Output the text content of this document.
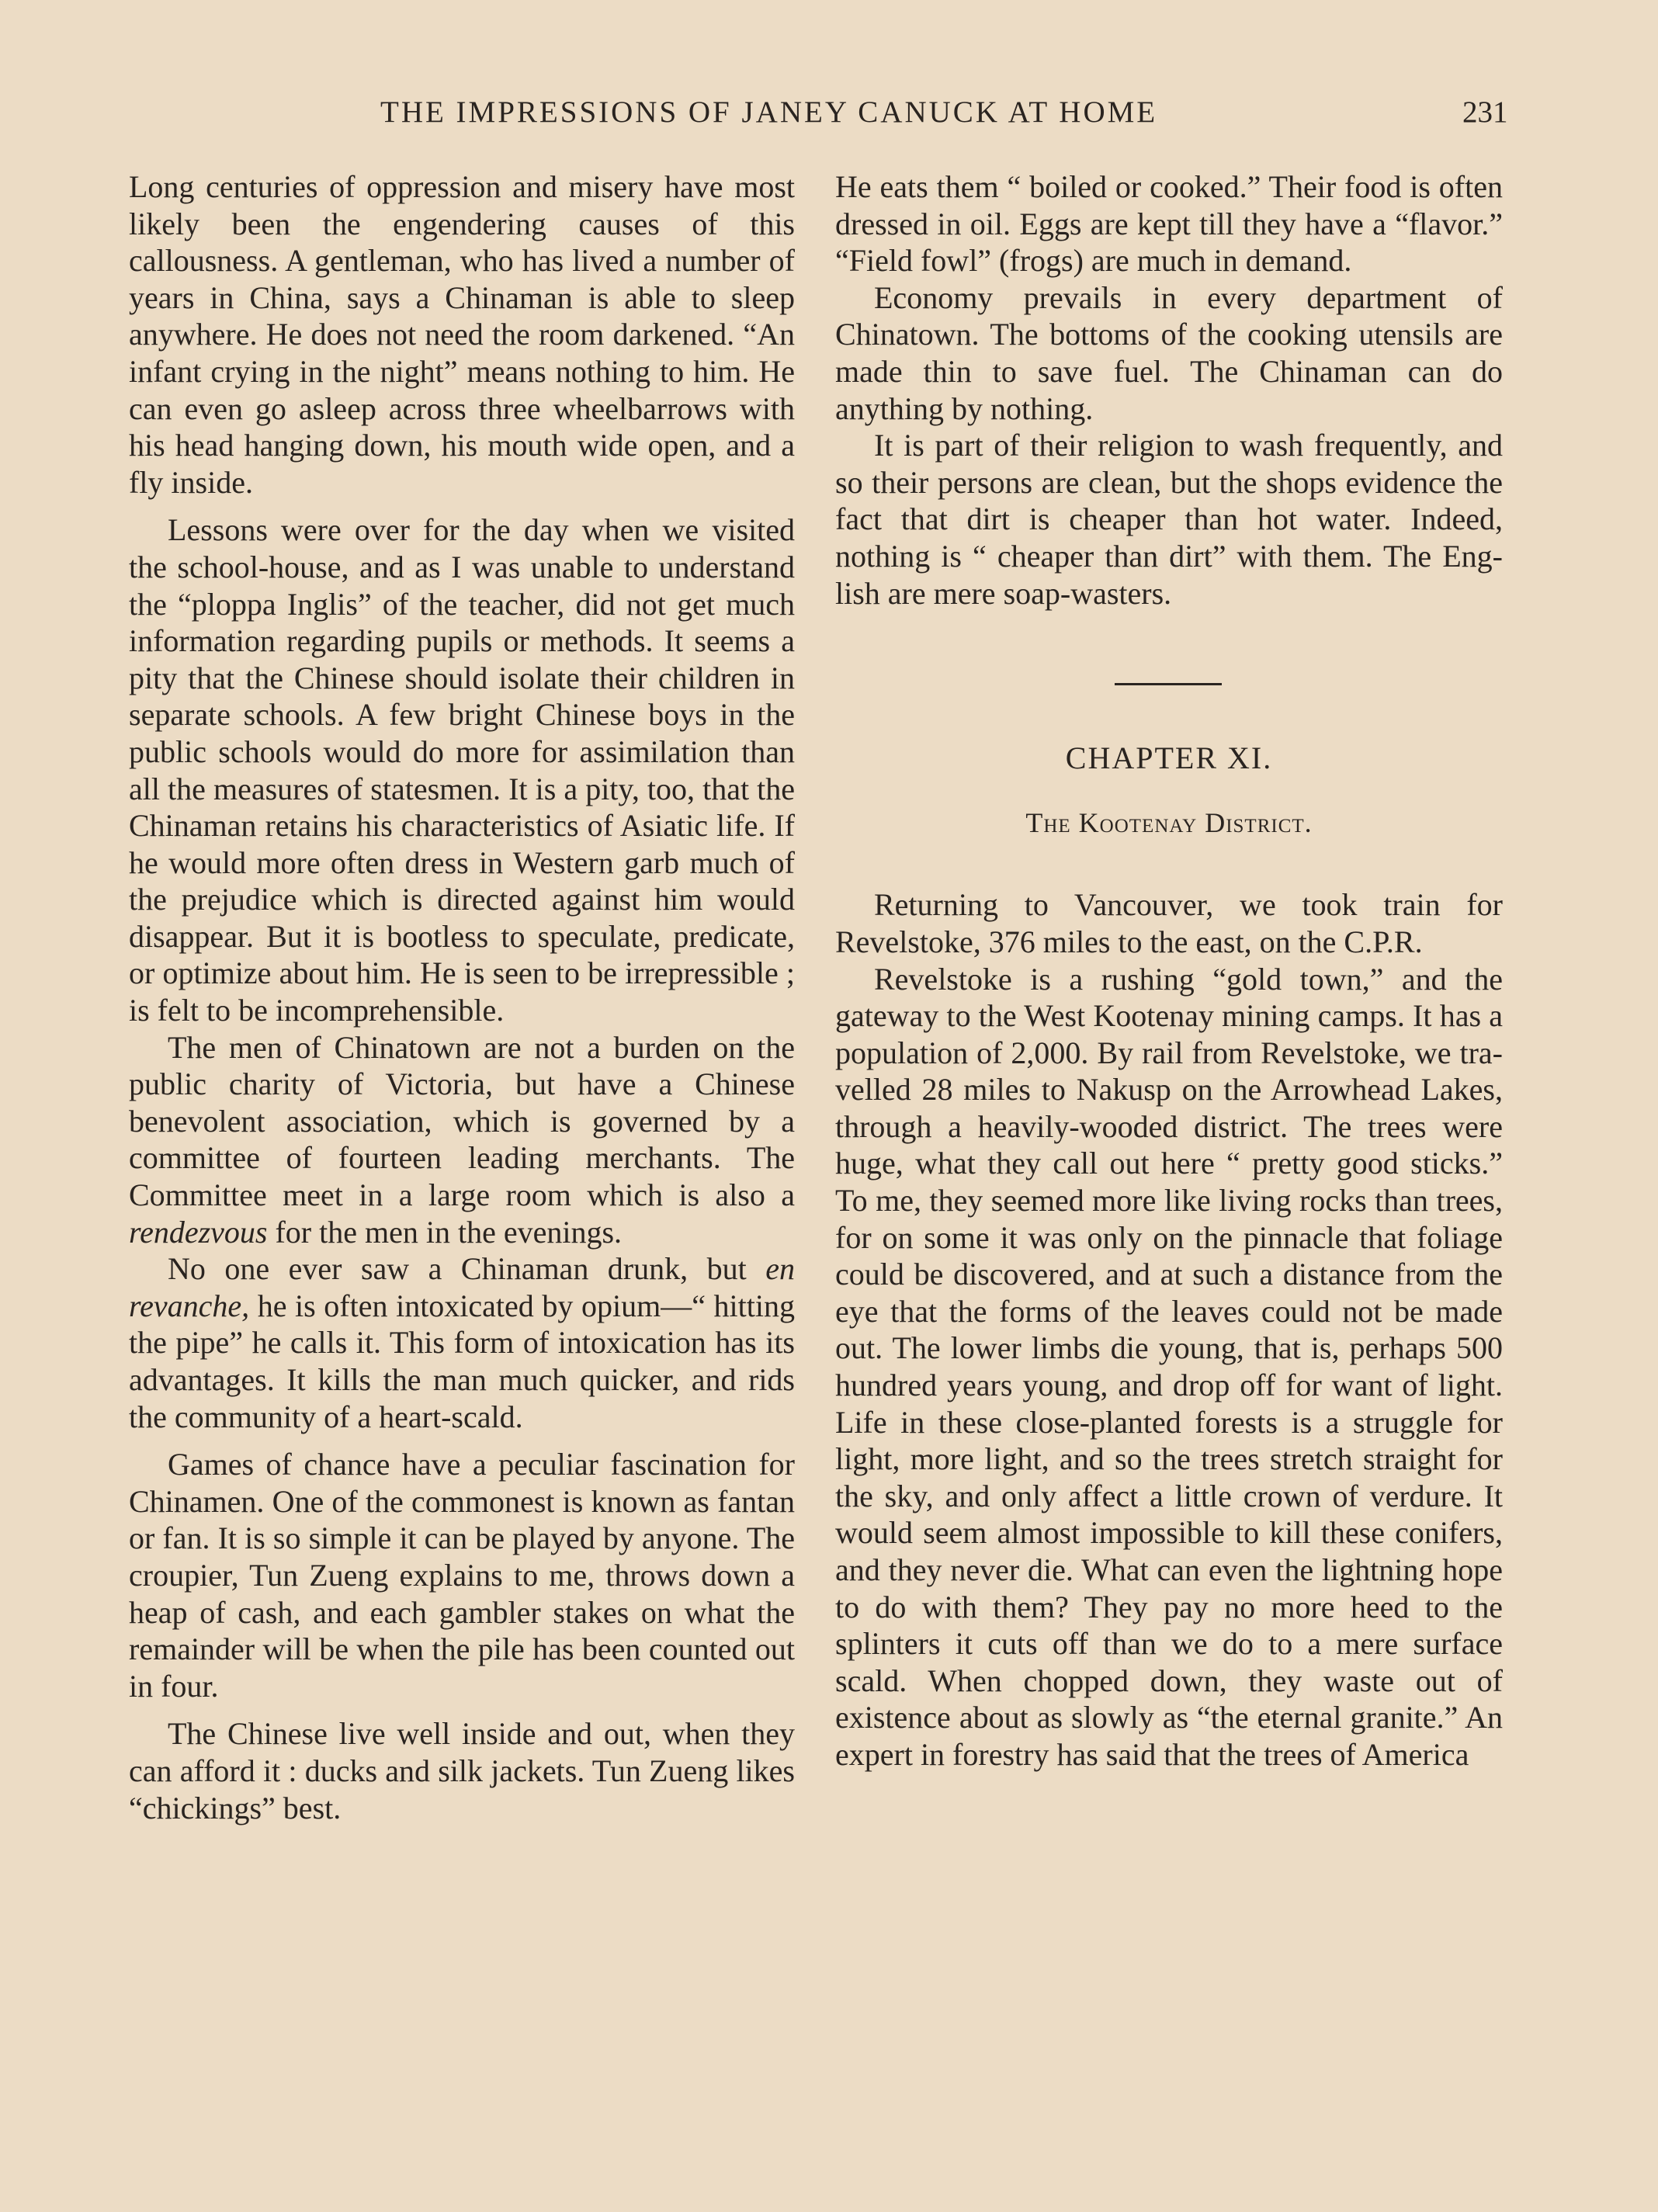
THE IMPRESSIONS OF JANEY CANUCK AT HOME	231

Long centuries of oppression and misery have most likely been the engendering causes of this callousness. A gentleman, who has lived a number of years in China, says a Chinaman is able to sleep anywhere. He does not need the room darkened. “An infant crying in the night” means nothing to him. He can even go asleep across three wheelbarrows with his head hanging down, his mouth wide open, and a fly inside.

Lessons were over for the day when we visited the school-house, and as I was unable to understand the “ploppa Inglis” of the teacher, did not get much information regarding pupils or methods. It seems a pity that the Chinese should isolate their children in separate schools. A few bright Chinese boys in the public schools would do more for assimilation than all the measures of statesmen. It is a pity, too, that the Chinaman retains his characteristics of Asiatic life. If he would more often dress in Western garb much of the prejudice which is directed against him would disappear. But it is bootless to speculate, predicate, or optimize about him. He is seen to be irrepressible ; is felt to be incomprehensible.

The men of Chinatown are not a burden on the public charity of Victoria, but have a Chinese benevolent association, which is governed by a committee of fourteen leading merchants. The Committee meet in a large room which is also a rendezvous for the men in the evenings.

No one ever saw a Chinaman drunk, but en revanche, he is often intoxicated by opium—“ hitting the pipe” he calls it. This form of intoxication has its advantages. It kills the man much quicker, and rids the community of a heart-scald.

Games of chance have a peculiar fascination for Chinamen. One of the commonest is known as fantan or fan. It is so simple it can be played by anyone. The croupier, Tun Zueng explains to me, throws down a heap of cash, and each gambler stakes on what the remainder will be when the pile has been counted out in four.

The Chinese live well inside and out, when they can afford it : ducks and silk jackets. Tun Zueng likes “chickings” best.

He eats them “ boiled or cooked.” Their food is often dressed in oil. Eggs are kept till they have a “flavor.” “Field fowl” (frogs) are much in demand.

Economy prevails in every department of Chinatown. The bottoms of the cooking utensils are made thin to save fuel. The Chinaman can do anything by nothing.

It is part of their religion to wash frequently, and so their persons are clean, but the shops evidence the fact that dirt is cheaper than hot water. Indeed, nothing is “ cheaper than dirt” with them. The English are mere soap-wasters.

CHAPTER XI.

The Kootenay District.

Returning to Vancouver, we took train for Revelstoke, 376 miles to the east, on the C.P.R.

Revelstoke is a rushing “gold town,” and the gateway to the West Kootenay mining camps. It has a population of 2,000. By rail from Revelstoke, we travelled 28 miles to Nakusp on the Arrowhead Lakes, through a heavily-wooded district. The trees were huge, what they call out here “ pretty good sticks.” To me, they seemed more like living rocks than trees, for on some it was only on the pinnacle that foliage could be discovered, and at such a distance from the eye that the forms of the leaves could not be made out. The lower limbs die young, that is, perhaps 500 hundred years young, and drop off for want of light. Life in these close-planted forests is a struggle for light, more light, and so the trees stretch straight for the sky, and only affect a little crown of verdure. It would seem almost impossible to kill these conifers, and they never die. What can even the lightning hope to do with them? They pay no more heed to the splinters it cuts off than we do to a mere surface scald. When chopped down, they waste out of existence about as slowly as “the eternal granite.” An expert in forestry has said that the trees of America
